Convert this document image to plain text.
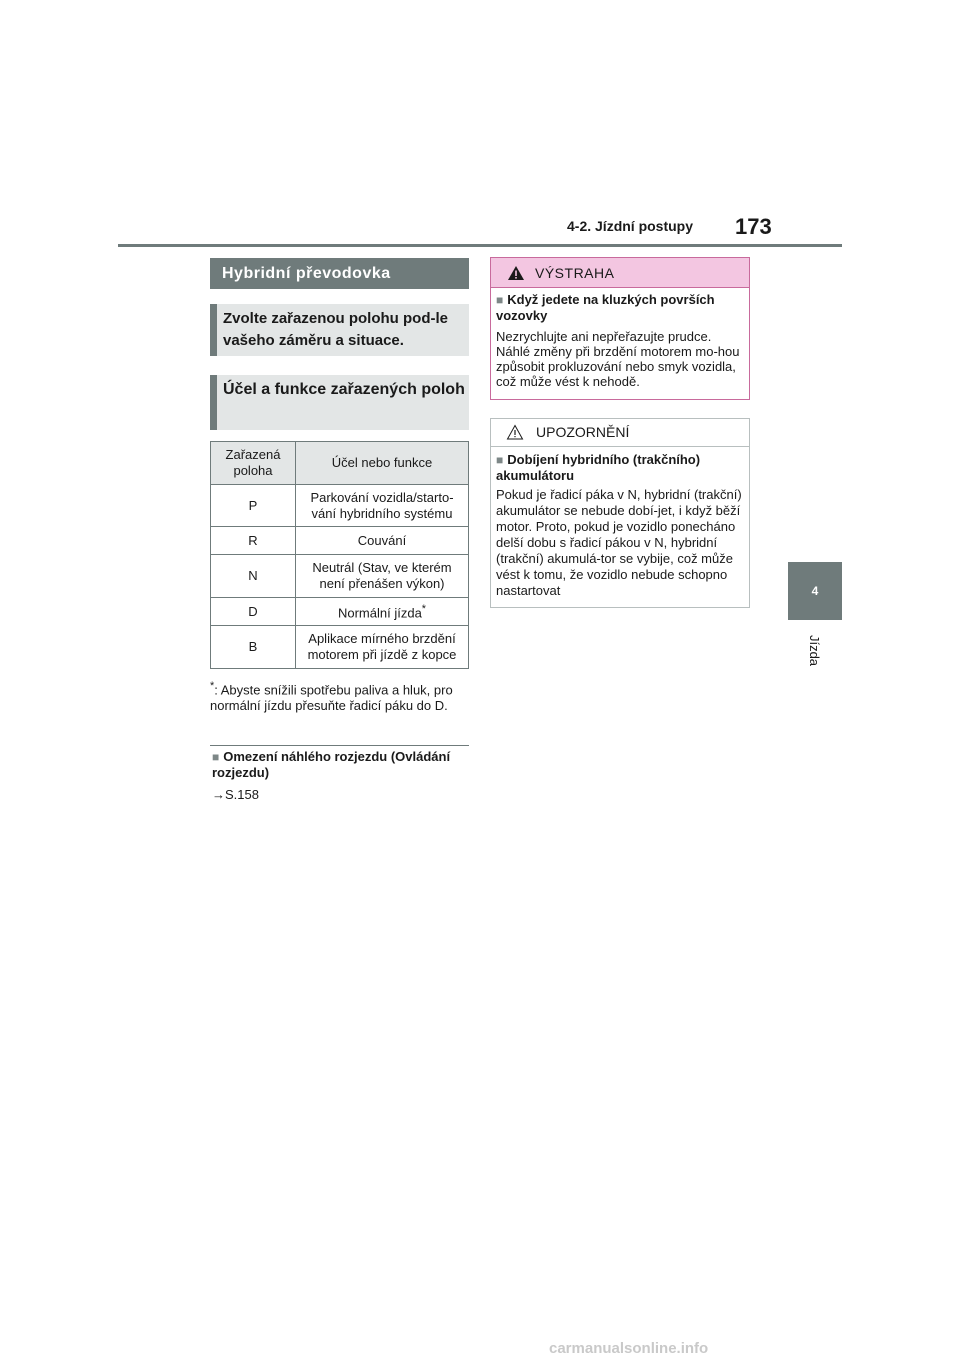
4-2. Jízdní postupy 173
4
Jízda
Hybridní převodovka
Zvolte zařazenou polohu pod-le vašeho záměru a situace.
Účel a funkce zařazených poloh
Zařazená poloha	Účel nebo funkce
P	Parkování vozidla/starto-vání hybridního systému
R	Couvání
N	Neutrál (Stav, ve kterém není přenášen výkon)
D	Normální jízda*
B	Aplikace mírného brzdění motorem při jízdě z kopce
*: Abyste snížili spotřebu paliva a hluk, pro normální jízdu přesuňte řadicí páku do D.
■ Omezení náhlého rozjezdu (Ovládání rozjezdu)
→S.158
VÝSTRAHA
■ Když jedete na kluzkých površích vozovky
Nezrychlujte ani nepřeřazujte prudce. Náhlé změny při brzdění motorem mo-hou způsobit prokluzování nebo smyk vozidla, což může vést k nehodě.
UPOZORNĚNÍ
■ Dobíjení hybridního (trakčního) akumulátoru
Pokud je řadicí páka v N, hybridní (trakční) akumulátor se nebude dobí-jet, i když běží motor. Proto, pokud je vozidlo ponecháno delší dobu s řadicí pákou v N, hybridní (trakční) akumulá-tor se vybije, což může vést k tomu, že vozidlo nebude schopno nastartovat
carmanualsonline.info
